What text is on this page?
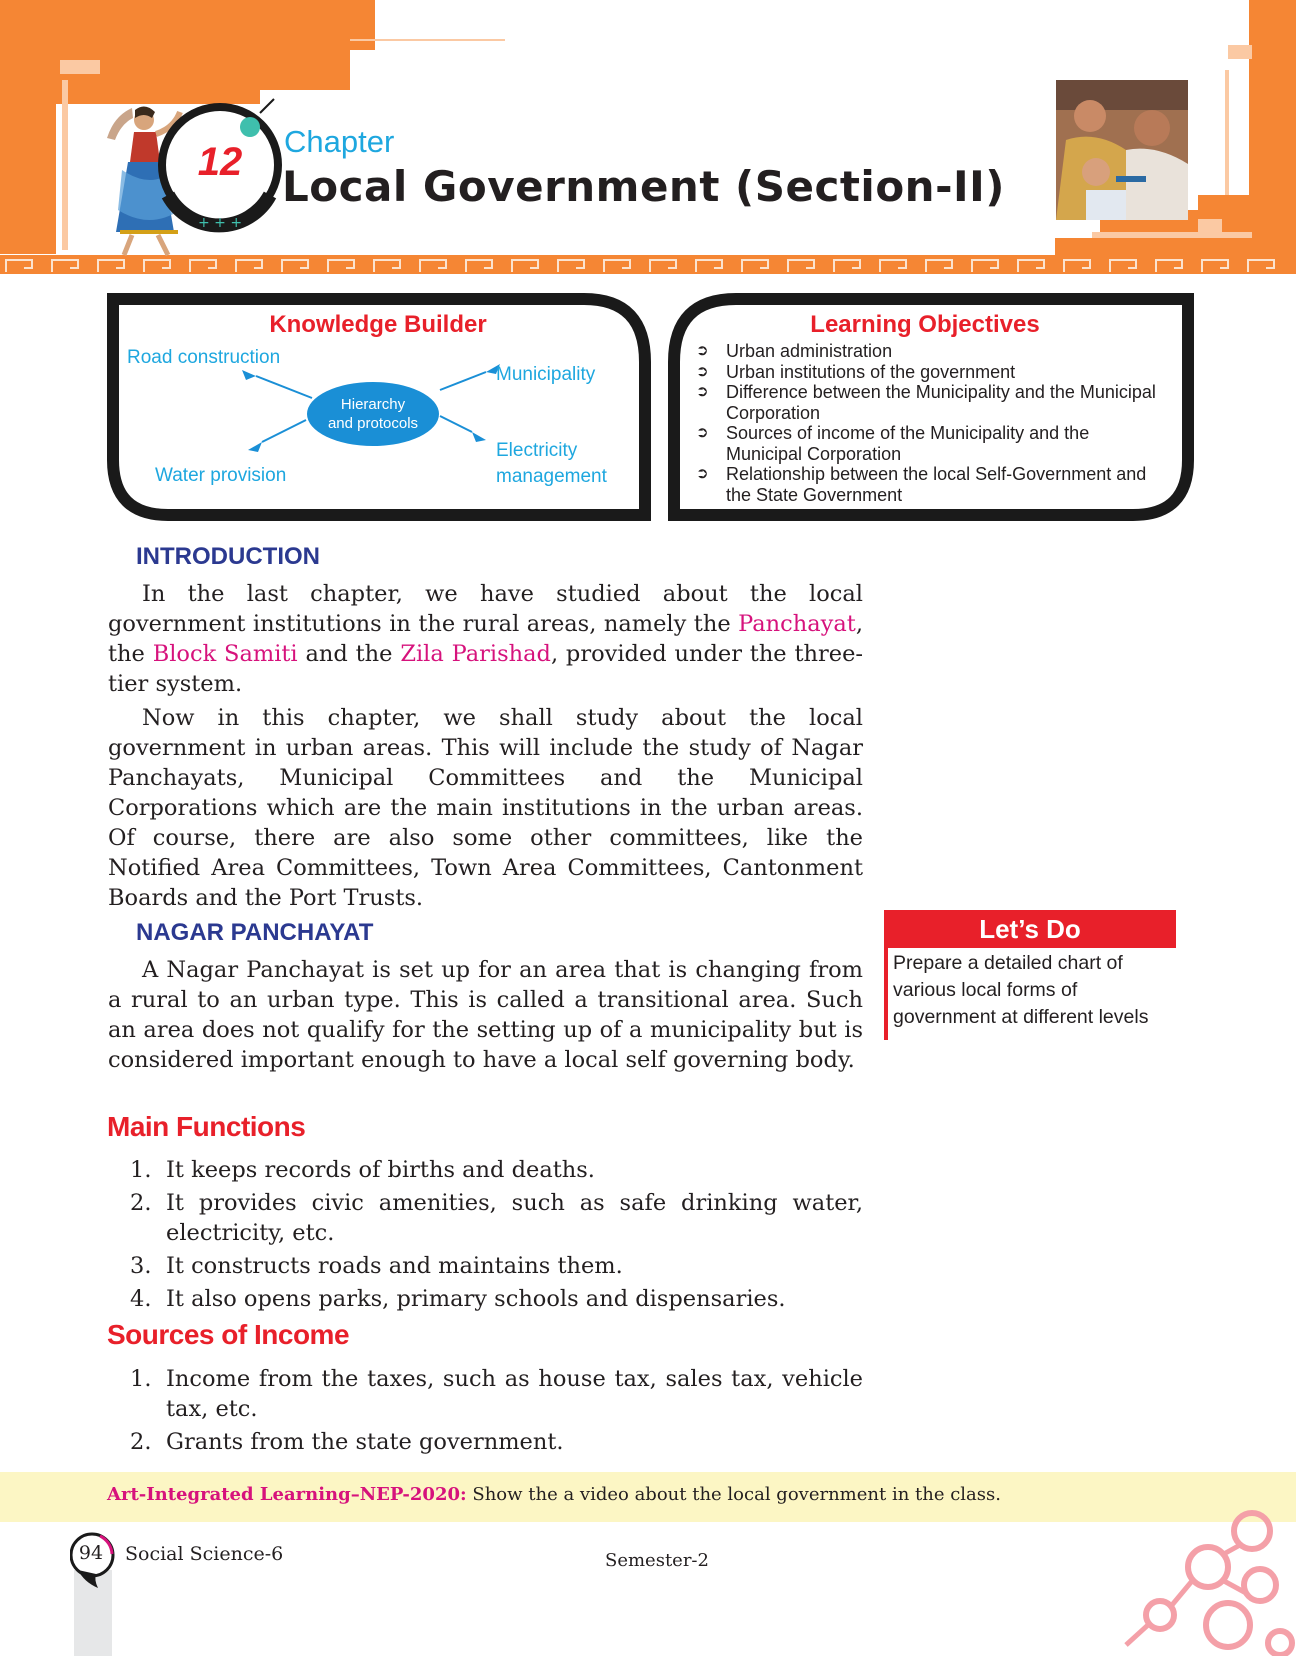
+ + +
12	Chapter
Local Government (Section-II)
Knowledge Builder
Hierarchy
and protocols
Road construction
Municipality
Electricity
management
Water provision
Learning Objectives
➲ Urban administration
➲ Urban institutions of the government
➲ Difference between the Municipality and the Municipal Corporation
➲ Sources of income of the Municipality and the Municipal Corporation
➲ Relationship between the local Self-Government and the State Government
INTRODUCTION

In the last chapter, we have studied about the local government institutions in the rural areas, namely the Panchayat, the Block Samiti and the Zila Parishad, provided under the three-tier system.

Now in this chapter, we shall study about the local government in urban areas. This will include the study of Nagar Panchayats, Municipal Committees and the Municipal Corporations which are the main institutions in the urban areas. Of course, there are also some other committees, like the Notified Area Committees, Town Area Committees, Cantonment Boards and the Port Trusts.

NAGAR PANCHAYAT

A Nagar Panchayat is set up for an area that is changing from a rural to an urban type. This is called a transitional area. Such an area does not qualify for the setting up of a municipality but is considered important enough to have a local self governing body.

Main Functions
1. It keeps records of births and deaths.
2. It provides civic amenities, such as safe drinking water, electricity, etc.
3. It constructs roads and maintains them.
4. It also opens parks, primary schools and dispensaries.
Sources of Income
1. Income from the taxes, such as house tax, sales tax, vehicle tax, etc.
2. Grants from the state government.
Let’s Do
Prepare a detailed chart of various local forms of government at different levels
Art-Integrated Learning–NEP-2020: Show the a video about the local government in the class.
94 Social Science-6	Semester-2
